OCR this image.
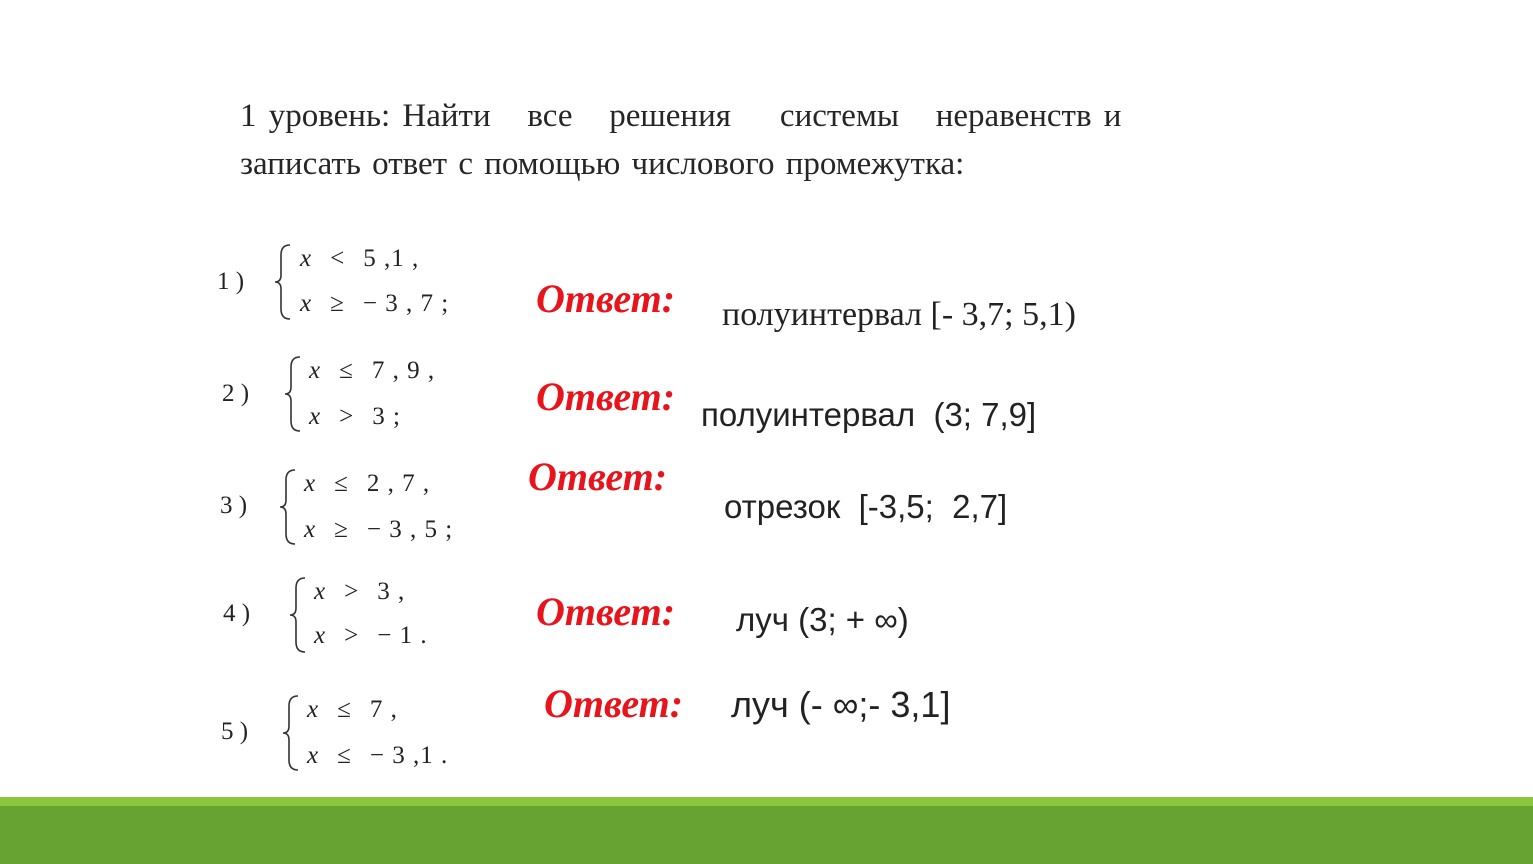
1 уровень: Найти   все   решения    системы   неравенств и
записать ответ с помощью числового промежутка:
1 )
x < 5 ,1 ,
x ≥ − 3 , 7 ;
2 )
x ≤ 7 , 9 ,
x > 3 ;
3 )
x ≤ 2 , 7 ,
x ≥ − 3 , 5 ;
4 )
x > 3 ,
x > − 1 .
5 )
x ≤ 7 ,
x ≤ − 3 ,1 .
Ответ: полуинтервал [- 3,7; 5,1)
Ответ: полуинтервал  (3; 7,9]
Ответ:
отрезок  [-3,5;  2,7]
Ответ: луч (3; + ∞)
Ответ: луч (- ∞;- 3,1]
